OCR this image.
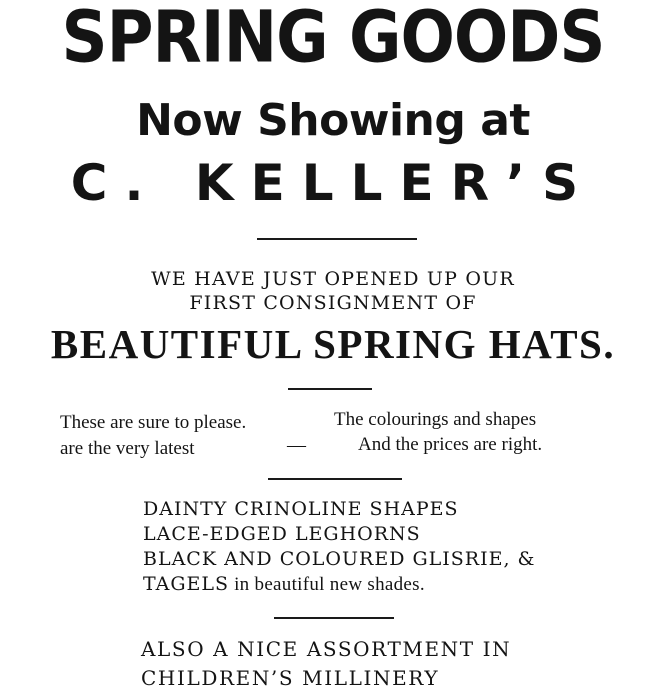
SPRING GOODS
Now Showing at
C. KELLER’S
WE HAVE JUST OPENED UP OUR
FIRST CONSIGNMENT OF
BEAUTIFUL SPRING HATS.
These are sure to please.	The colourings and shapes
are the very latest	—	And the prices are right.
DAINTY CRINOLINE SHAPES
LACE-EDGED LEGHORNS
BLACK AND COLOURED GLISRIE, &
TAGELS in beautiful new shades.
ALSO A NICE ASSORTMENT IN
CHILDREN’S MILLINERY
